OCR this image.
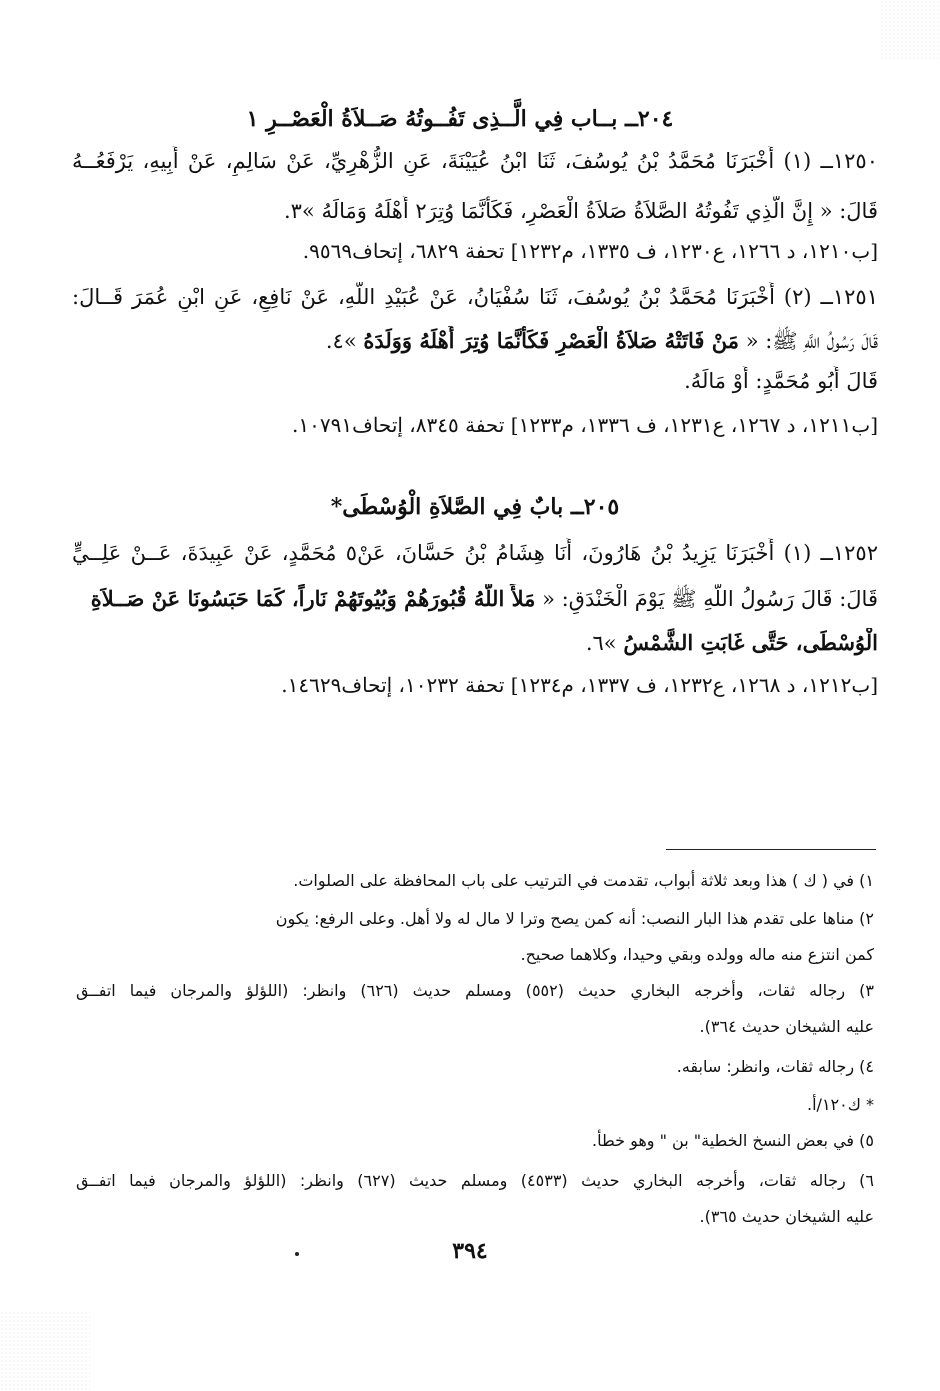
٢٠٤ــ بــاب فِي الَّــذِى تَفُــوتُهُ صَــلاَةُ الْعَصْــرِ ١
١٢٥٠ــ (١) أَخْبَرَنَا مُحَمَّدُ بْنُ يُوسُفَ، ثَنَا ابْنُ عُيَيْنَةَ، عَنِ الزُّهْرِيِّ، عَنْ سَالِمٍ، عَنْ أَبِيهِ، يَرْفَعُــهُ
قَالَ: « إِنَّ الَّذِي تَفُوتُهُ الصَّلاَةُ صَلاَةُ الْعَصْرِ، فَكَأَنَّمَا وُتِرَ٢ أَهْلَهُ وَمَالَهُ »٣.
[ب١٢١٠، د ١٢٦٦، ع١٢٣٠، ف ١٣٣٥، م١٢٣٢] تحفة ٦٨٢٩، إتحاف٩٥٦٩.
١٢٥١ــ (٢) أَخْبَرَنَا مُحَمَّدُ بْنُ يُوسُفَ، ثَنَا سُفْيَانُ، عَنْ عُبَيْدِ اللَّهِ، عَنْ نَافِعٍ، عَنِ ابْنِ عُمَرَ قَــالَ:
قَالَ رَسُولُ اللَّهِ ﷺ: « مَنْ فَاتَتْهُ صَلاَةُ الْعَصْرِ فَكَأَنَّمَا وُتِرَ أَهْلَهُ وَوَلَدَهُ »٤.
قَالَ أَبُو مُحَمَّدٍ: أَوْ مَالَهُ.
[ب١٢١١، د ١٢٦٧، ع١٢٣١، ف ١٣٣٦، م١٢٣٣] تحفة ٨٣٤٥، إتحاف١٠٧٩١.
٢٠٥ــ بابٌ فِي الصَّلاَةِ الْوُسْطَى*
١٢٥٢ــ (١) أَخْبَرَنَا يَزِيدُ بْنُ هَارُونَ، أَنَا هِشَامُ بْنُ حَسَّانَ، عَنْ٥ مُحَمَّدٍ، عَنْ عَبِيدَةَ، عَــنْ عَلِــيٍّ
قَالَ: قَالَ رَسُولُ اللَّهِ ﷺ يَوْمَ الْخَنْدَقِ: « مَلأَ اللَّهُ قُبُورَهُمْ وَبُيُوتَهُمْ نَاراً، كَمَا حَبَسُونَا عَنْ صَــلاَةِ
الْوُسْطَى، حَتَّى غَابَتِ الشَّمْسُ »٦.
[ب١٢١٢، د ١٢٦٨، ع١٢٣٢، ف ١٣٣٧، م١٢٣٤] تحفة ١٠٢٣٢، إتحاف١٤٦٢٩.
١) في ( ك ) هذا وبعد ثلاثة أبواب، تقدمت في الترتيب على باب المحافظة على الصلوات.
٢) مناها على تقدم هذا البار النصب: أنه كمن يصح وترا لا مال له ولا أهل. وعلى الرفع: يكون
كمن انتزع منه ماله وولده وبقي وحيدا، وكلاهما صحيح.
٣) رجاله ثقات، وأخرجه البخاري حديث (٥٥٢) ومسلم حديث (٦٢٦) وانظر: (اللؤلؤ والمرجان فيما اتفــق
عليه الشيخان حديث ٣٦٤).
٤) رجاله ثقات، وانظر: سابقه.
* ك١٢٠/أ.
٥) في بعض النسخ الخطية" بن " وهو خطأ.
٦) رجاله ثقات، وأخرجه البخاري حديث (٤٥٣٣) ومسلم حديث (٦٢٧) وانظر: (اللؤلؤ والمرجان فيما اتفــق
عليه الشيخان حديث ٣٦٥).
٣٩٤
